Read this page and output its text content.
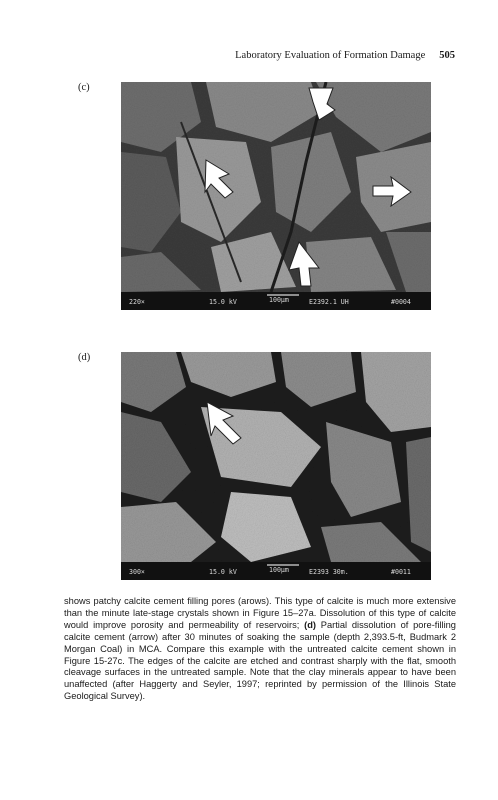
Laboratory Evaluation of Formation Damage 505
(c)
220×	15.0 kV	100µm	E2392.1 UH	#0004
(d)
300×	15.0 kV	100µm	E2393 30m.	#0011
shows patchy calcite cement filling pores (arows). This type of calcite is much more extensive than the minute late-stage crystals shown in Figure 15–27a. Dissolution of this type of calcite would improve porosity and permeability of reservoirs; (d) Partial dissolution of pore-filling calcite cement (arrow) after 30 minutes of soaking the sample (depth 2,393.5-ft, Budmark 2 Morgan Coal) in MCA. Compare this example with the untreated calcite cement shown in Figure 15-27c. The edges of the calcite are etched and contrast sharply with the flat, smooth cleavage surfaces in the untreated sample. Note that the clay minerals appear to have been unaffected (after Haggerty and Seyler, 1997; reprinted by permission of the Illinois State Geological Survey).
